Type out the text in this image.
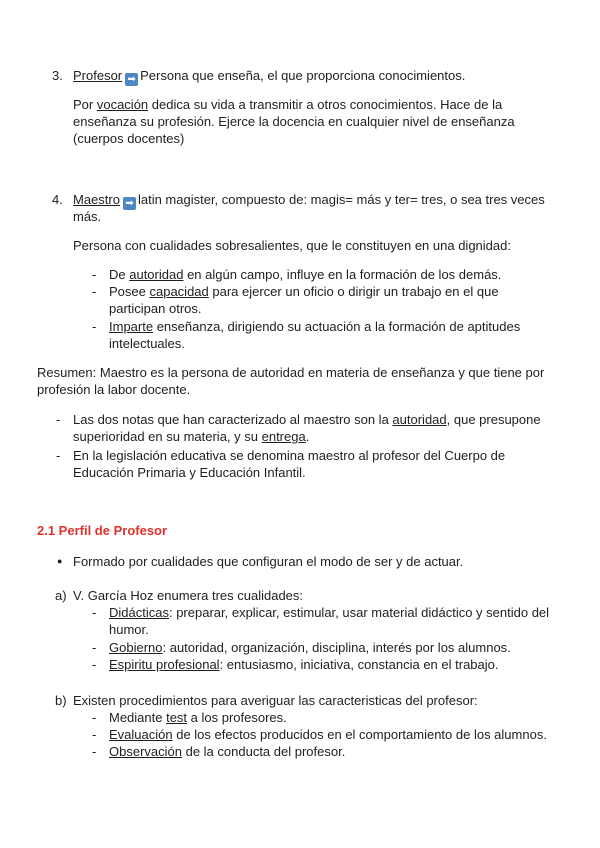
3. Profesor ➡ Persona que enseña, el que proporciona conocimientos.
Por vocación dedica su vida a transmitir a otros conocimientos. Hace de la
enseñanza su profesión. Ejerce la docencia en cualquier nivel de enseñanza
(cuerpos docentes)
4. Maestro ➡ latin magister, compuesto de: magis= más y ter= tres, o sea tres veces
más.
Persona con cualidades sobresalientes, que le constituyen en una dignidad:
- De autoridad en algún campo, influye en la formación de los demás.
- Posee capacidad para ejercer un oficio o dirigir un trabajo en el que
participan otros.
- Imparte enseñanza, dirigiendo su actuación a la formación de aptitudes
intelectuales.
Resumen: Maestro es la persona de autoridad en materia de enseñanza y que tiene por
profesión la labor docente.
- Las dos notas que han caracterizado al maestro son la autoridad, que presupone
superioridad en su materia, y su entrega.
- En la legislación educativa se denomina maestro al profesor del Cuerpo de
Educación Primaria y Educación Infantil.
2.1 Perfil de Profesor
● Formado por cualidades que configuran el modo de ser y de actuar.
a) V. García Hoz enumera tres cualidades:
- Didácticas: preparar, explicar, estimular, usar material didáctico y sentido del
humor.
- Gobierno: autoridad, organización, disciplina, interés por los alumnos.
- Espiritu profesional: entusiasmo, iniciativa, constancia en el trabajo.
b) Existen procedimientos para averiguar las caracteristicas del profesor:
- Mediante test a los profesores.
- Evaluación de los efectos producidos en el comportamiento de los alumnos.
- Observación de la conducta del profesor.
